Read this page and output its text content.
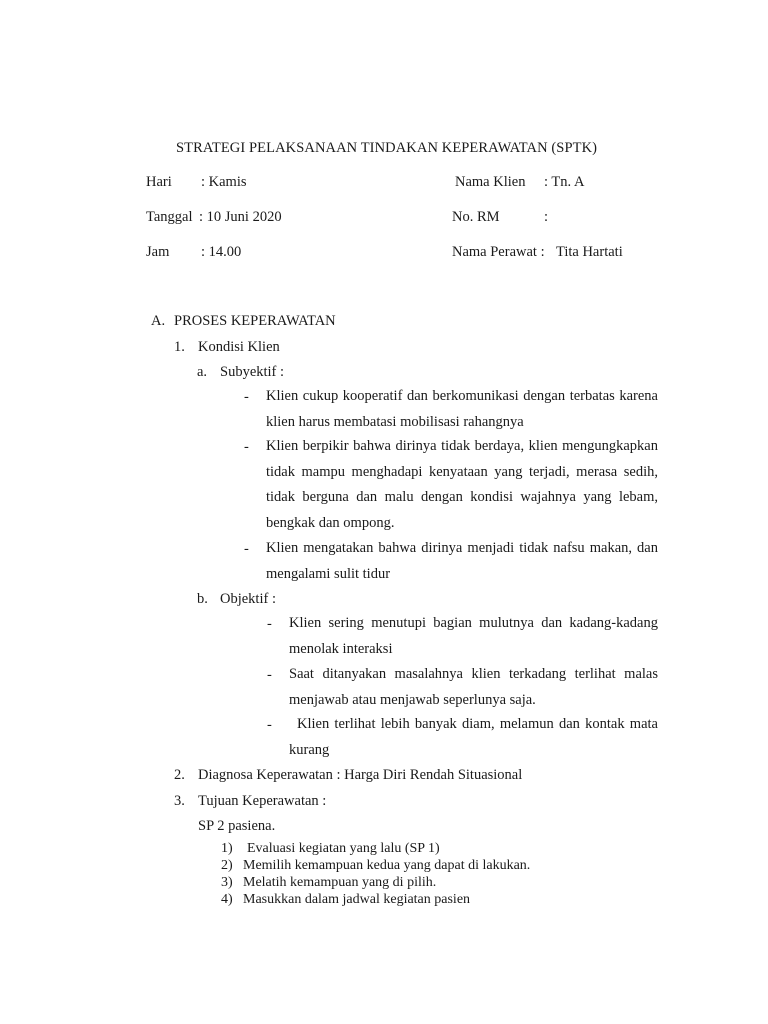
STRATEGI PELAKSANAAN TINDAKAN KEPERAWATAN (SPTK)
Hari : Kamis
Tanggal : 10 Juni 2020
Jam : 14.00
Nama Klien : Tn. A
No. RM	:
Nama Perawat : Tita Hartati
A. PROSES KEPERAWATAN
1. Kondisi Klien
a. Subyektif :
- Klien cukup kooperatif dan berkomunikasi dengan terbatas karena klien harus membatasi mobilisasi rahangnya
- Klien berpikir bahwa dirinya tidak berdaya, klien mengungkapkan tidak mampu menghadapi kenyataan yang terjadi, merasa sedih, tidak berguna dan malu dengan kondisi wajahnya yang lebam, bengkak dan ompong.
- Klien mengatakan bahwa dirinya menjadi tidak nafsu makan, dan mengalami sulit tidur
b. Objektif :
- Klien sering menutupi bagian mulutnya dan kadang-kadang menolak interaksi
- Saat ditanyakan masalahnya klien terkadang terlihat malas menjawab atau menjawab seperlunya saja.
-	Klien terlihat lebih banyak diam, melamun dan kontak mata kurang
2. Diagnosa Keperawatan : Harga Diri Rendah Situasional
3. Tujuan Keperawatan :
SP 2 pasiena.
1) Evaluasi kegiatan yang lalu (SP 1)
2) Memilih kemampuan kedua yang dapat di lakukan.
3) Melatih kemampuan yang di pilih.
4) Masukkan dalam jadwal kegiatan pasien
